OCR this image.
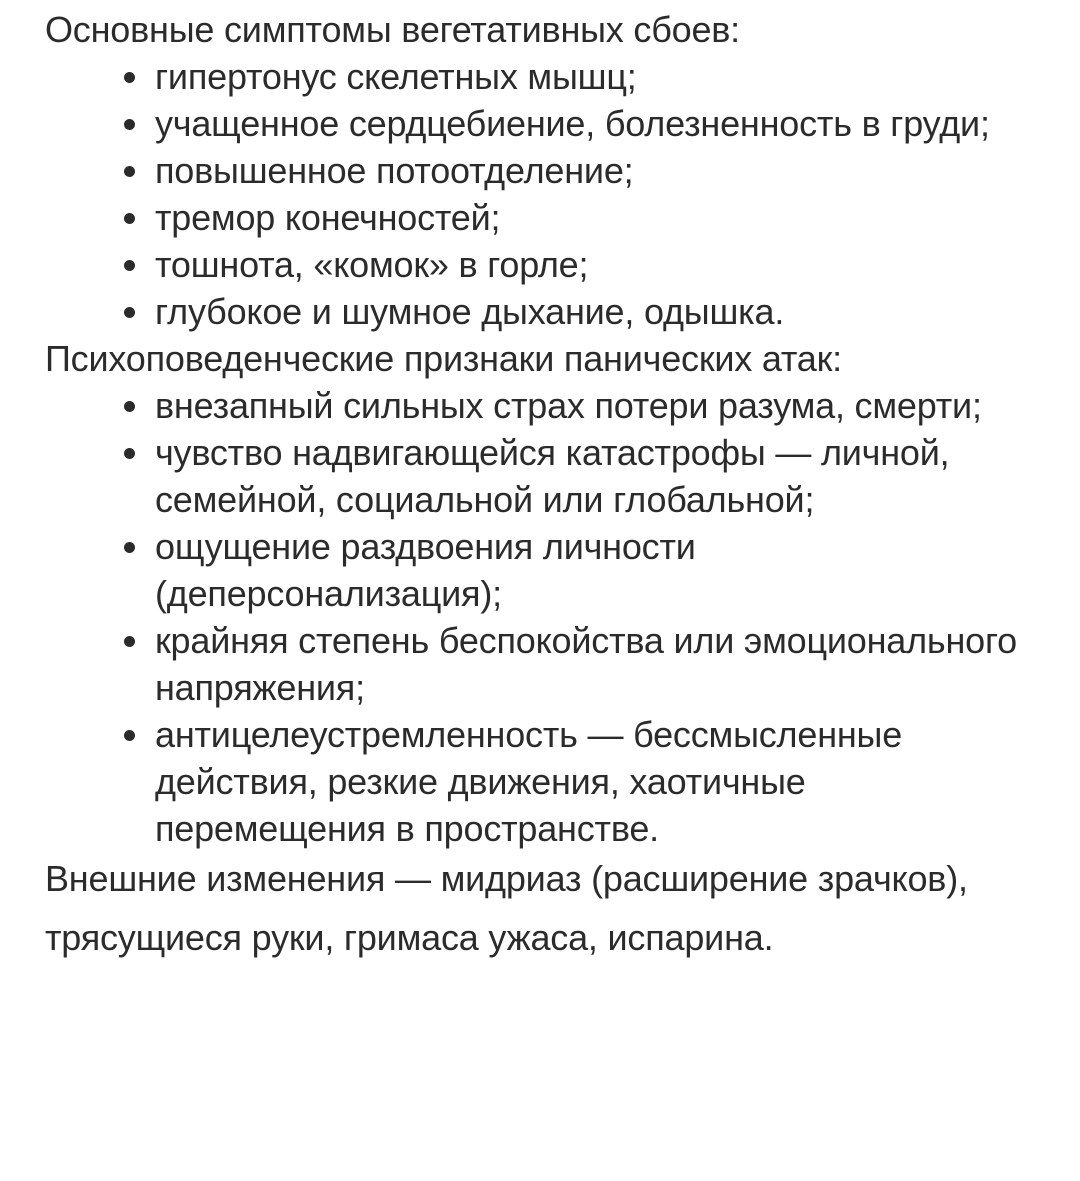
Основные симптомы вегетативных сбоев:

гипертонус скелетных мышц;
учащенное сердцебиение, болезненность в груди;
повышенное потоотделение;
тремор конечностей;
тошнота, «комок» в горле;
глубокое и шумное дыхание, одышка.

Психоповеденческие признаки панических атак:

внезапный сильных страх потери разума, смерти;
чувство надвигающейся катастрофы — личной, семейной, социальной или глобальной;
ощущение раздвоения личности (деперсонализация);
крайняя степень беспокойства или эмоционального напряжения;
антицелеустремленность — бессмысленные действия, резкие движения, хаотичные перемещения в пространстве.

Внешние изменения — мидриаз (расширение зрачков), трясущиеся руки, гримаса ужаса, испарина.
